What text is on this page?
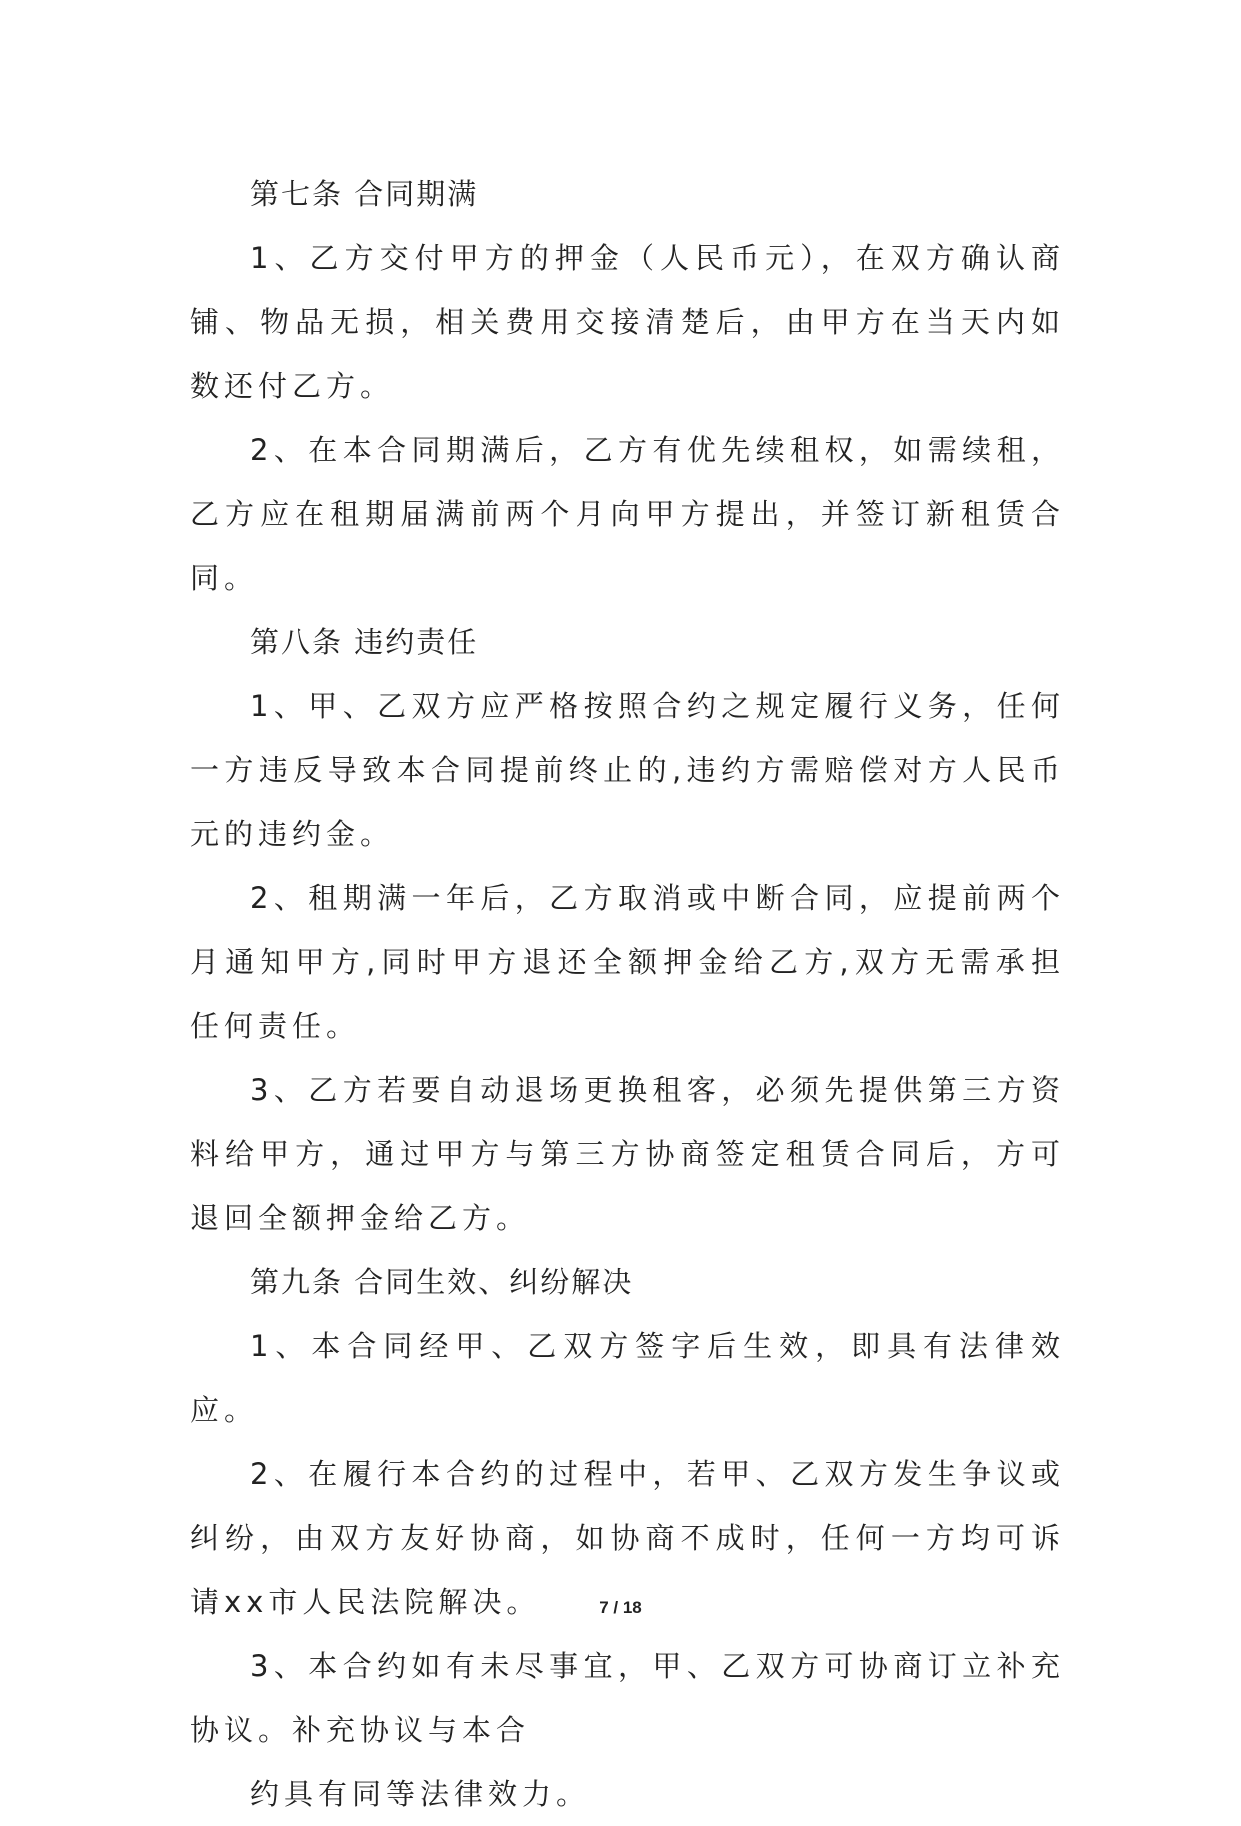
第七条 合同期满

1、乙方交付甲方的押金（人民币元），在双方确认商铺、物品无损，相关费用交接清楚后，由甲方在当天内如数还付乙方。

2、在本合同期满后，乙方有优先续租权，如需续租，乙方应在租期届满前两个月向甲方提出，并签订新租赁合同。

第八条 违约责任

1、甲、乙双方应严格按照合约之规定履行义务，任何一方违反导致本合同提前终止的,违约方需赔偿对方人民币元的违约金。

2、租期满一年后，乙方取消或中断合同，应提前两个月通知甲方,同时甲方退还全额押金给乙方,双方无需承担任何责任。

3、乙方若要自动退场更换租客，必须先提供第三方资料给甲方，通过甲方与第三方协商签定租赁合同后，方可退回全额押金给乙方。

第九条 合同生效、纠纷解决

1、本合同经甲、乙双方签字后生效，即具有法律效应。

2、在履行本合约的过程中，若甲、乙双方发生争议或纠纷，由双方友好协商，如协商不成时，任何一方均可诉请xx市人民法院解决。

3、本合约如有未尽事宜，甲、乙双方可协商订立补充协议。补充协议与本合

约具有同等法律效力。

7 / 18
